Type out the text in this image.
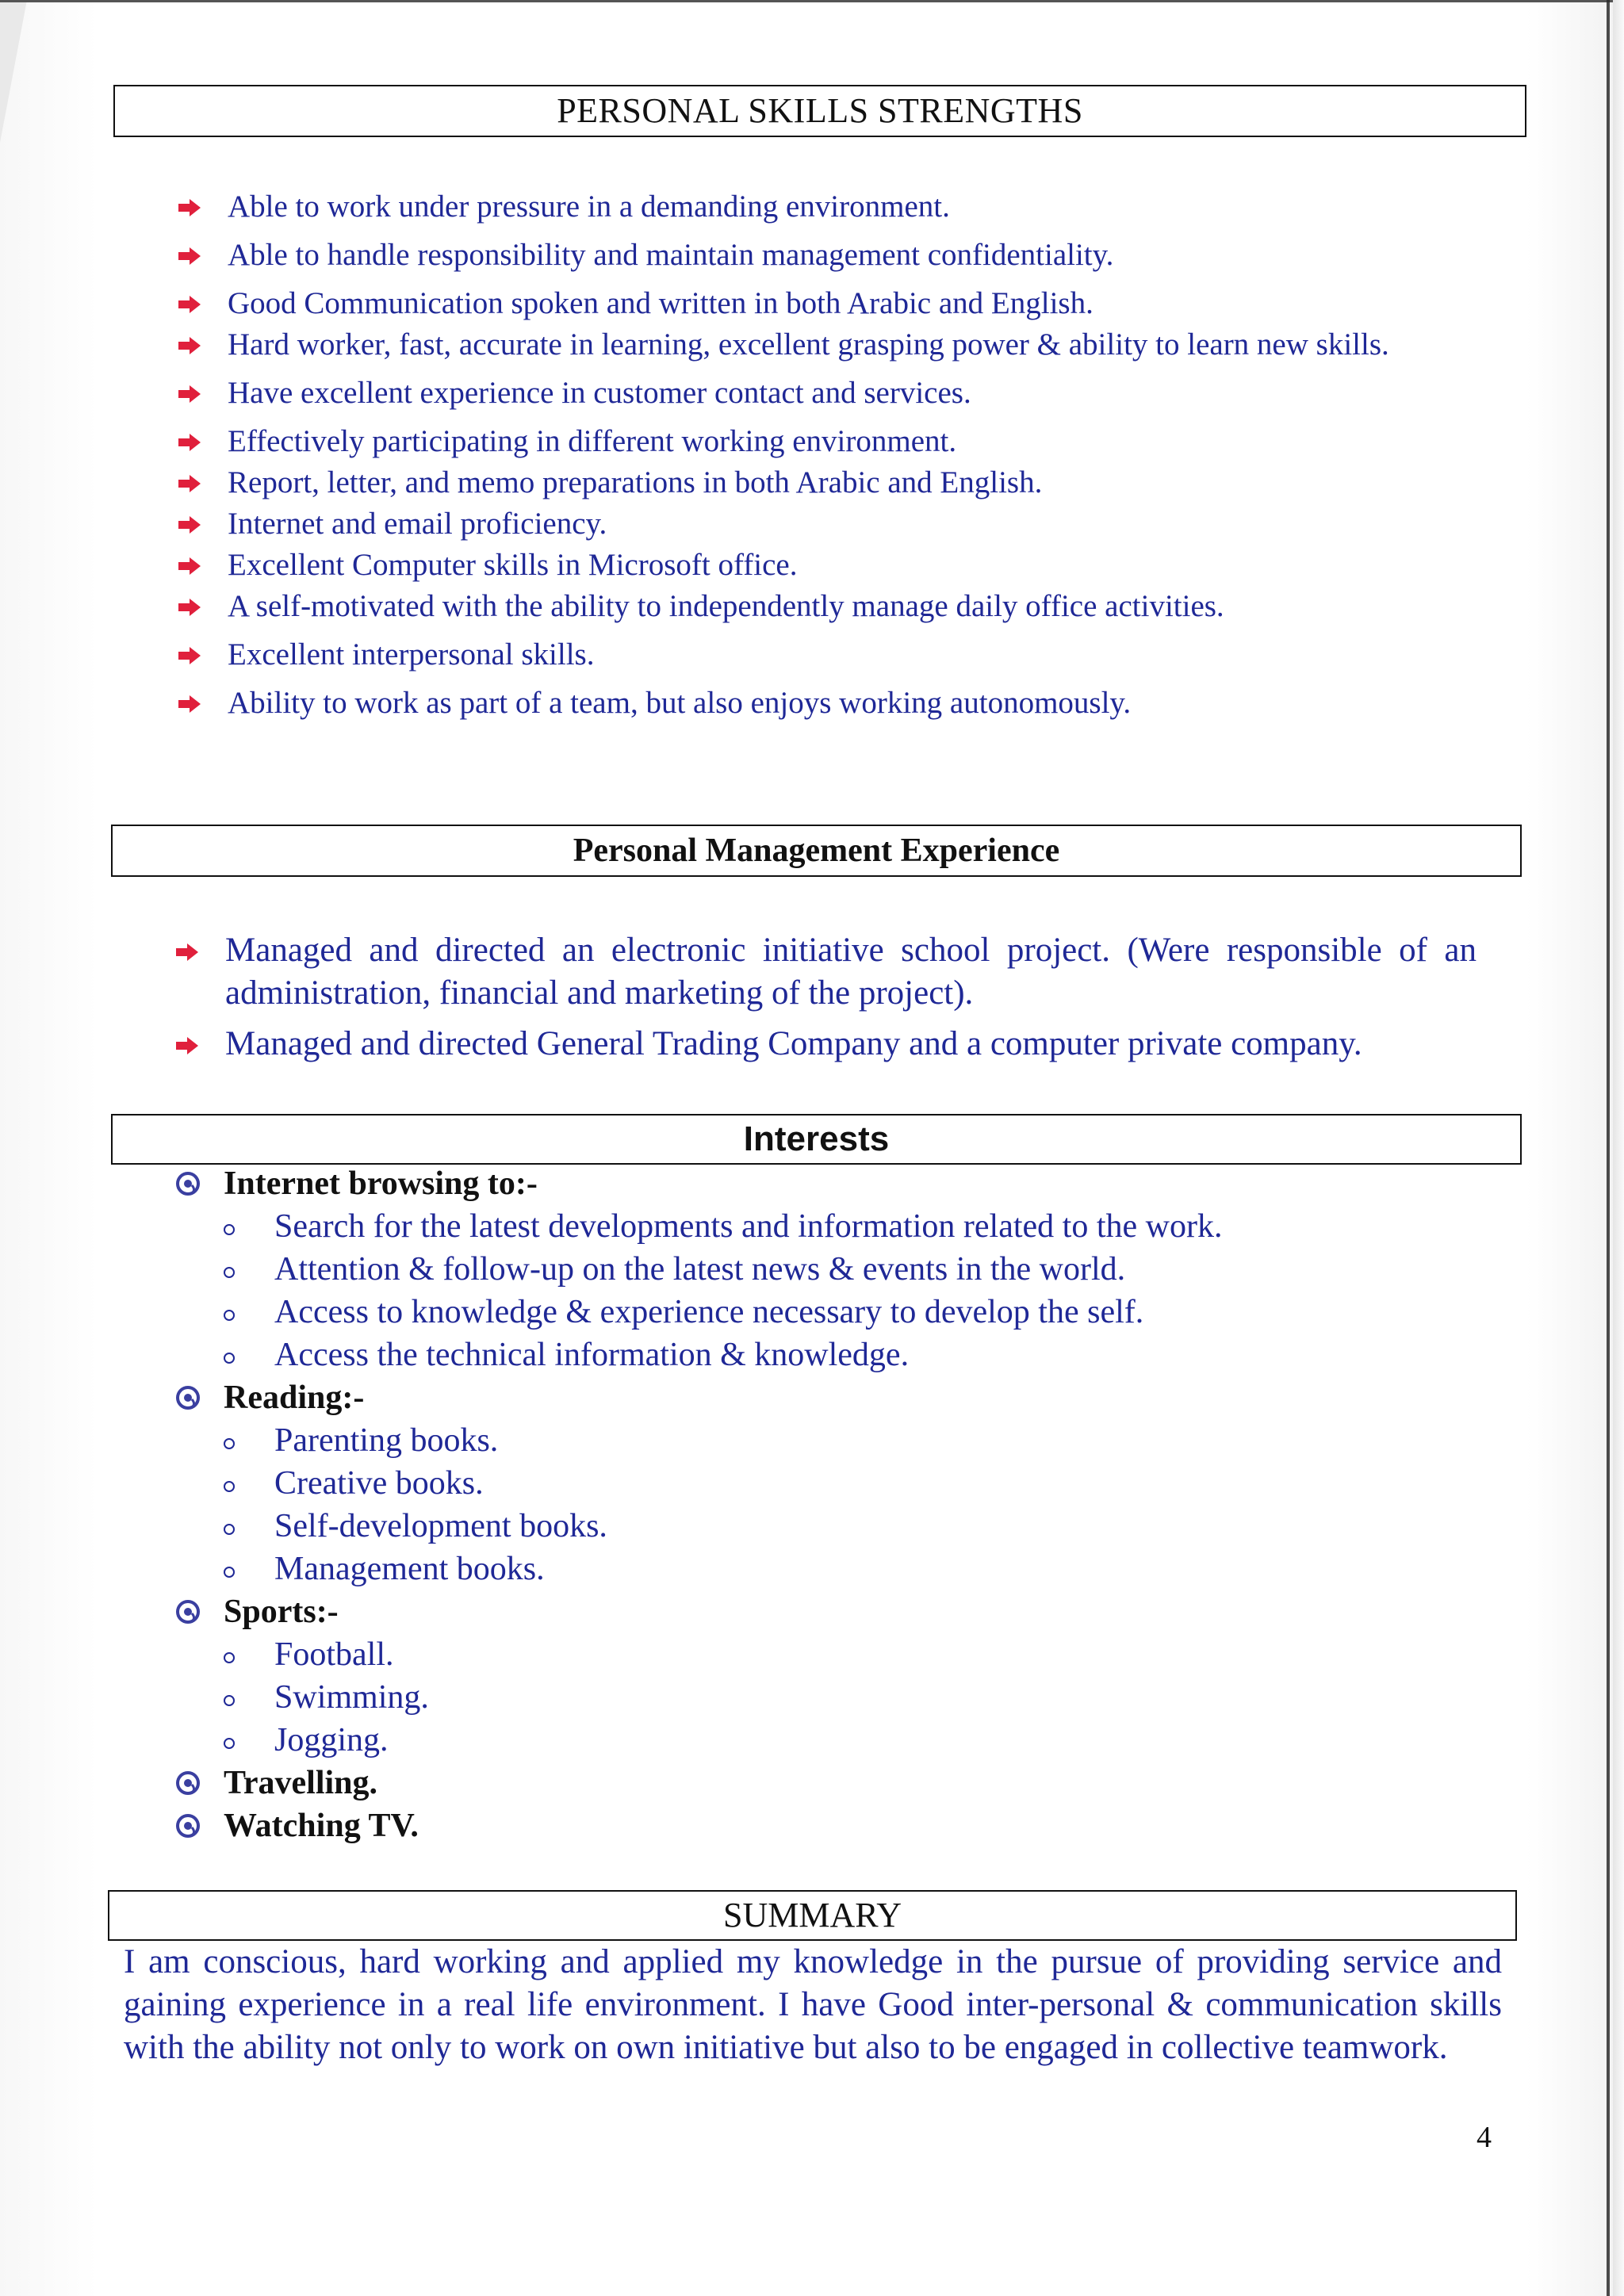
PERSONAL SKILLS STRENGTHS
Able to work under pressure in a demanding environment.
Able to handle responsibility and maintain management confidentiality.
Good Communication spoken and written in both Arabic and English.
Hard worker, fast, accurate in learning, excellent grasping power & ability to learn new skills.
Have excellent experience in customer contact and services.
Effectively participating in different working environment.
Report, letter, and memo preparations in both Arabic and English.
Internet and email proficiency.
Excellent Computer skills in Microsoft office.
A self-motivated with the ability to independently manage daily office activities.
Excellent interpersonal skills.
Ability to work as part of a team, but also enjoys working autonomously.
Personal Management Experience
Managed and directed an electronic initiative school project. (Were responsible of an administration, financial and marketing of the project).
Managed and directed General Trading Company and a computer private company.
Interests
Internet browsing to:-
Search for the latest developments and information related to the work.
Attention & follow-up on the latest news & events in the world.
Access to knowledge & experience necessary to develop the self.
Access the technical information & knowledge.
Reading:-
Parenting books.
Creative books.
Self-development books.
Management books.
Sports:-
Football.
Swimming.
Jogging.
Travelling.
Watching TV.
SUMMARY

I am conscious, hard working and applied my knowledge in the pursue of providing service and gaining experience in a real life environment. I have Good inter-personal & communication skills with the ability not only to work on own initiative but also to be engaged in collective teamwork.

4
